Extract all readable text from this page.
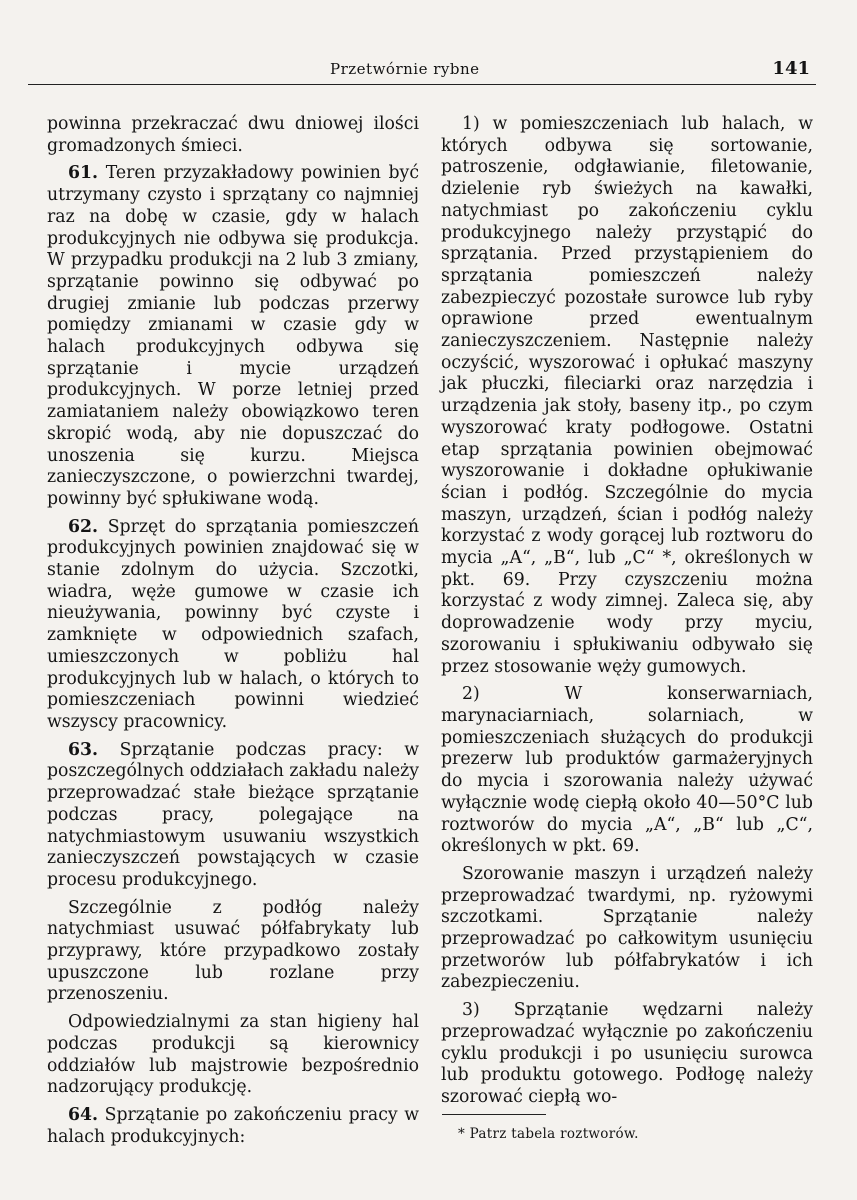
Przetwórnie rybne	141

powinna przekraczać dwu dniowej ilości gromadzonych śmieci.

61. Teren przyzakładowy powinien być utrzymany czysto i sprzątany co najmniej raz na dobę w czasie, gdy w halach produkcyjnych nie odbywa się produkcja. W przypadku produkcji na 2 lub 3 zmiany, sprzątanie powinno się odbywać po drugiej zmianie lub podczas przerwy pomiędzy zmianami w czasie gdy w halach produkcyjnych odbywa się sprzątanie i mycie urządzeń produkcyjnych. W porze letniej przed zamiataniem należy obowiązkowo teren skropić wodą, aby nie dopuszczać do unoszenia się kurzu. Miejsca zanieczyszczone, o powierzchni twardej, powinny być spłukiwane wodą.

62. Sprzęt do sprzątania pomieszczeń produkcyjnych powinien znajdować się w stanie zdolnym do użycia. Szczotki, wiadra, węże gumowe w czasie ich nieużywania, powinny być czyste i zamknięte w odpowiednich szafach, umieszczonych w pobliżu hal produkcyjnych lub w halach, o których to pomieszczeniach powinni wiedzieć wszyscy pracownicy.

63. Sprzątanie podczas pracy: w poszczególnych oddziałach zakładu należy przeprowadzać stałe bieżące sprzątanie podczas pracy, polegające na natychmiastowym usuwaniu wszystkich zanieczyszczeń powstających w czasie procesu produkcyjnego.

Szczególnie z podłóg należy natychmiast usuwać półfabrykaty lub przyprawy, które przypadkowo zostały upuszczone lub rozlane przy przenoszeniu.

Odpowiedzialnymi za stan higieny hal podczas produkcji są kierownicy oddziałów lub majstrowie bezpośrednio nadzorujący produkcję.

64. Sprzątanie po zakończeniu pracy w halach produkcyjnych:

1) w pomieszczeniach lub halach, w których odbywa się sortowanie, patroszenie, odgławianie, filetowanie, dzielenie ryb świeżych na kawałki, natychmiast po zakończeniu cyklu produkcyjnego należy przystąpić do sprzątania. Przed przystąpieniem do sprzątania pomieszczeń należy zabezpieczyć pozostałe surowce lub ryby oprawione przed ewentualnym zanieczyszczeniem. Następnie należy oczyścić, wyszorować i opłukać maszyny jak płuczki, fileciarki oraz narzędzia i urządzenia jak stoły, baseny itp., po czym wyszorować kraty podłogowe. Ostatni etap sprzątania powinien obejmować wyszorowanie i dokładne opłukiwanie ścian i podłóg. Szczególnie do mycia maszyn, urządzeń, ścian i podłóg należy korzystać z wody gorącej lub roztworu do mycia „A“, „B“, lub „C“ *, określonych w pkt. 69. Przy czyszczeniu można korzystać z wody zimnej. Zaleca się, aby doprowadzenie wody przy myciu, szorowaniu i spłukiwaniu odbywało się przez stosowanie węży gumowych.

2) W konserwarniach, marynaciarniach, solarniach, w pomieszczeniach służących do produkcji prezerw lub produktów garmażeryjnych do mycia i szorowania należy używać wyłącznie wodę ciepłą około 40—50°C lub roztworów do mycia „A“, „B“ lub „C“, określonych w pkt. 69.

Szorowanie maszyn i urządzeń należy przeprowadzać twardymi, np. ryżowymi szczotkami. Sprzątanie należy przeprowadzać po całkowitym usunięciu przetworów lub półfabrykatów i ich zabezpieczeniu.

3) Sprzątanie wędzarni należy przeprowadzać wyłącznie po zakończeniu cyklu produkcji i po usunięciu surowca lub produktu gotowego. Podłogę należy szorować ciepłą wo-

* Patrz tabela roztworów.
